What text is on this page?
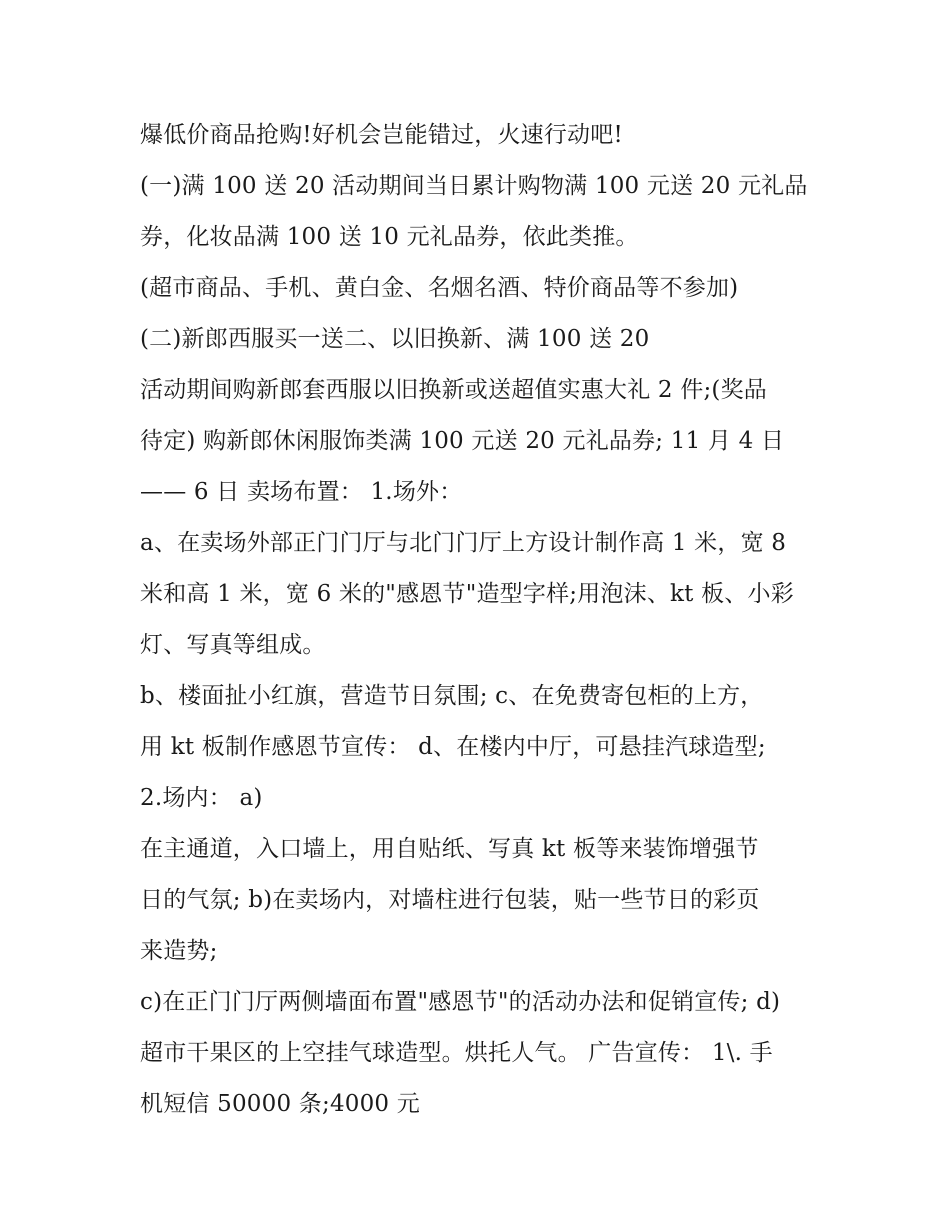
爆低价商品抢购!好机会岂能错过，火速行动吧!
(一)满 100 送 20 活动期间当日累计购物满 100 元送 20 元礼品
券，化妆品满 100 送 10 元礼品券，依此类推。
(超市商品、手机、黄白金、名烟名酒、特价商品等不参加)
(二)新郎西服买一送二、以旧换新、满 100 送 20
活动期间购新郎套西服以旧换新或送超值实惠大礼 2 件;(奖品
待定) 购新郎休闲服饰类满 100 元送 20 元礼品券; 11 月 4 日
—— 6 日 卖场布置： 1.场外：
a、在卖场外部正门门厅与北门门厅上方设计制作高 1 米，宽 8
米和高 1 米，宽 6 米的"感恩节"造型字样;用泡沫、kt 板、小彩
灯、写真等组成。
b、楼面扯小红旗，营造节日氛围; c、在免费寄包柜的上方，
用 kt 板制作感恩节宣传： d、在楼内中厅，可悬挂汽球造型;
2.场内： a)
在主通道，入口墙上，用自贴纸、写真 kt 板等来装饰增强节
日的气氛; b)在卖场内，对墙柱进行包装，贴一些节日的彩页
来造势;
c)在正门门厅两侧墙面布置"感恩节"的活动办法和促销宣传; d)
超市干果区的上空挂气球造型。烘托人气。 广告宣传： 1\. 手
机短信 50000 条;4000 元
